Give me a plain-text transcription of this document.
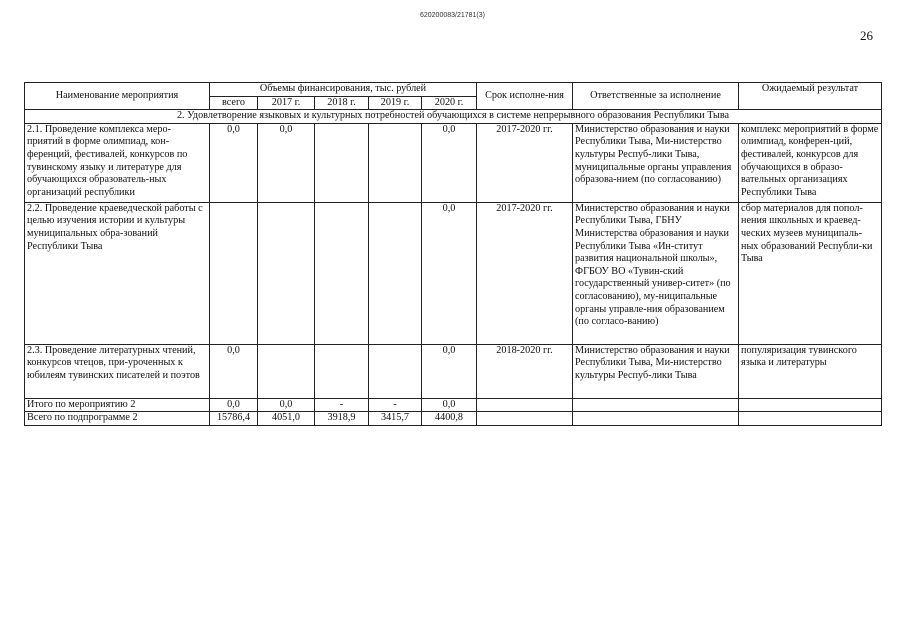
620200083/21781(3)
26
Наименование мероприятия	Объемы финансирования, тыс. рублей					Срок исполне-ния	Ответственные за исполнение	Ожидаемый результат
	всего	2017 г.	2018 г.	2019 г.	2020 г.			
2. Удовлетворение языковых и культурных потребностей обучающихся в системе непрерывного образования Республики Тыва								
2.1. Проведение комплекса меро-приятий в форме олимпиад, кон-ференций, фестивалей, конкурсов по тувинскому языку и литературе для обучающихся образователь-ных организаций республики	0,0	0,0			0,0	2017-2020 гг.	Министерство образования и науки Республики Тыва, Ми-нистерство культуры Респуб-лики Тыва, муниципальные органы управления образова-нием (по согласованию)	комплекс мероприятий в форме олимпиад, конферен-ций, фестивалей, конкурсов для обучающихся в образо-вательных организациях Республики Тыва
2.2. Проведение краеведческой работы с целью изучения истории и культуры муниципальных обра-зований Республики Тыва					0,0	2017-2020 гг.	Министерство образования и науки Республики Тыва, ГБНУ Министерства образования и науки Республики Тыва «Ин-ститут развития национальной школы», ФГБОУ ВО «Тувин-ский государственный универ-ситет» (по согласованию), му-ниципальные органы управле-ния образованием (по согласо-ванию)	сбор материалов для попол-нения школьных и краевед-ческих музеев муниципаль-ных образований Республи-ки Тыва
2.3. Проведение литературных чтений, конкурсов чтецов, при-уроченных к юбилеям тувинских писателей и поэтов	0,0				0,0	2018-2020 гг.	Министерство образования и науки Республики Тыва, Ми-нистерство культуры Респуб-лики Тыва	популяризация тувинского языка и литературы
Итого по мероприятию 2	0,0	0,0	-	-	0,0			
Всего по подпрограмме 2	15786,4	4051,0	3918,9	3415,7	4400,8			
